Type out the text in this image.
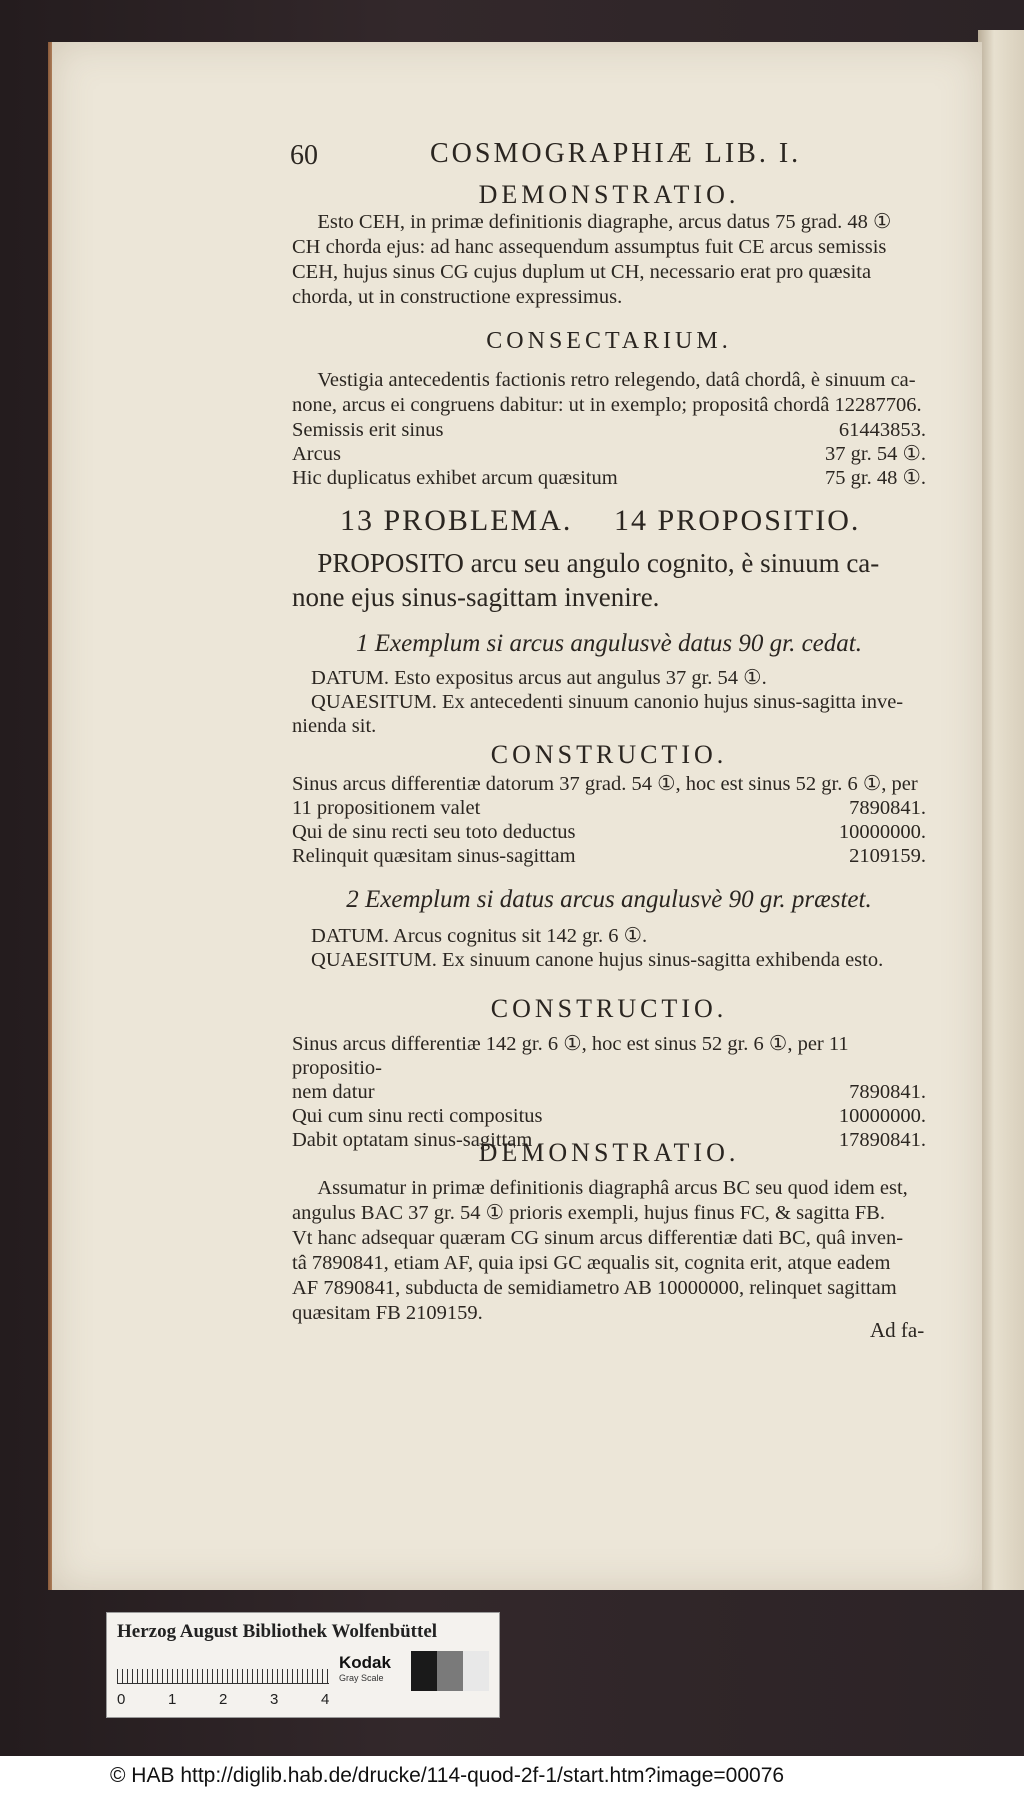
60	COSMOGRAPHIÆ LIB. I.
DEMONSTRATIO.

Esto CEH, in primæ definitionis diagraphe, arcus datus 75 grad. 48 ①

CH chorda ejus: ad hanc assequendum assumptus fuit CE arcus semissis

CEH, hujus sinus CG cujus duplum ut CH, necessario erat pro quæsita

chorda, ut in constructione expressimus.

CONSECTARIUM.

Vestigia antecedentis factionis retro relegendo, datâ chordâ, è sinuum ca-

none, arcus ei congruens dabitur: ut in exemplo; propositâ chordâ 12287706.

Semissis erit sinus	61443853.
Arcus	37 gr. 54 ①.
Hic duplicatus exhibet arcum quæsitum	75 gr. 48 ①.
13 PROBLEMA. 14 PROPOSITIO.
PROPOSITO arcu seu angulo cognito, è sinuum ca-
none ejus sinus-sagittam invenire.
1 Exemplum si arcus angulusvè datus 90 gr. cedat.
DATUM. Esto expositus arcus aut angulus 37 gr. 54 ①.
QUAESITUM. Ex antecedenti sinuum canonio hujus sinus-sagitta inve-
nienda sit.
CONSTRUCTIO.
Sinus arcus differentiæ datorum 37 grad. 54 ①, hoc est sinus 52 gr. 6 ①, per
11 propositionem valet	7890841.
Qui de sinu recti seu toto deductus	10000000.
Relinquit quæsitam sinus-sagittam	2109159.
2 Exemplum si datus arcus angulusvè 90 gr. præstet.
DATUM. Arcus cognitus sit 142 gr. 6 ①.
QUAESITUM. Ex sinuum canone hujus sinus-sagitta exhibenda esto.
CONSTRUCTIO.
Sinus arcus differentiæ 142 gr. 6 ①, hoc est sinus 52 gr. 6 ①, per 11 propositio-
nem datur	7890841.
Qui cum sinu recti compositus	10000000.
Dabit optatam sinus-sagittam	17890841.
DEMONSTRATIO.

Assumatur in primæ definitionis diagraphâ arcus BC seu quod idem est,

angulus BAC 37 gr. 54 ① prioris exempli, hujus finus FC, & sagitta FB.

Vt hanc adsequar quæram CG sinum arcus differentiæ dati BC, quâ inven-

tâ 7890841, etiam AF, quia ipsi GC æqualis sit, cognita erit, atque eadem

AF 7890841, subducta de semidiametro AB 10000000, relinquet sagittam

quæsitam FB 2109159.

Ad fa-
Herzog August Bibliothek Wolfenbüttel
0	1	2	3	4
Kodak
Gray Scale
© HAB http://diglib.hab.de/drucke/114-quod-2f-1/start.htm?image=00076
